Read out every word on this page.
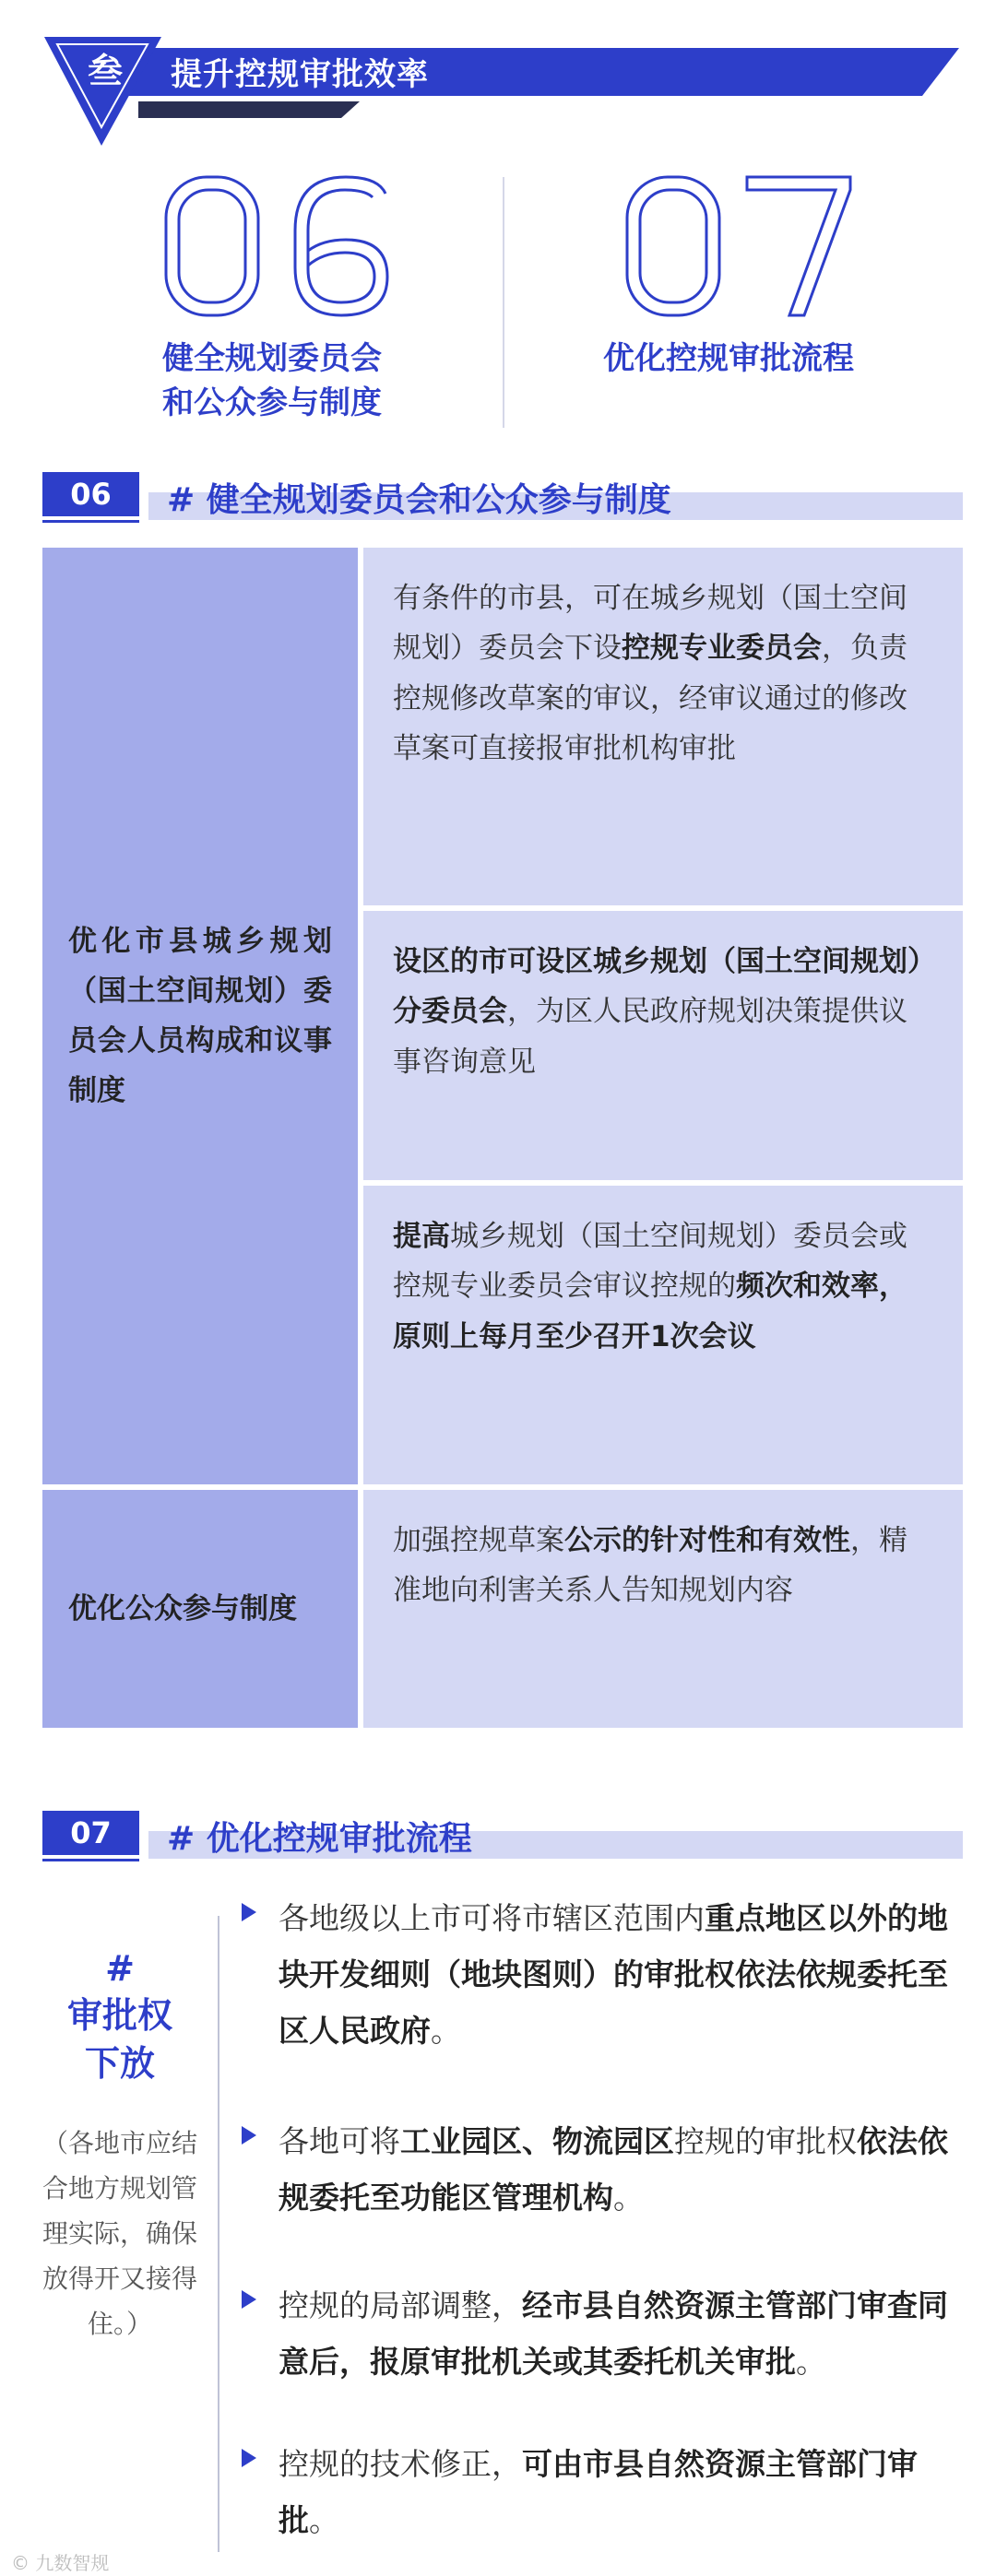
叁 提升控规审批效率
健全规划委员会
和公众参与制度
优化控规审批流程
06	# 健全规划委员会和公众参与制度
优化市县城乡规划（国土空间规划）委员会人员构成和议事制度
有条件的市县，可在城乡规划（国土空间规划）委员会下设控规专业委员会，负责控规修改草案的审议，经审议通过的修改草案可直接报审批机构审批
设区的市可设区城乡规划（国土空间规划）分委员会，为区人民政府规划决策提供议事咨询意见
提高城乡规划（国土空间规划）委员会或控规专业委员会审议控规的频次和效率，原则上每月至少召开1次会议
优化公众参与制度
加强控规草案公示的针对性和有效性，精准地向利害关系人告知规划内容
07	# 优化控规审批流程
#
审批权
下放
（各地市应结合地方规划管理实际，确保放得开又接得住。）
各地级以上市可将市辖区范围内重点地区以外的地块开发细则（地块图则）的审批权依法依规委托至区人民政府。
各地可将工业园区、物流园区控规的审批权依法依规委托至功能区管理机构。
控规的局部调整，经市县自然资源主管部门审查同意后，报原审批机关或其委托机关审批。
控规的技术修正，可由市县自然资源主管部门审批。
© 九数智规
